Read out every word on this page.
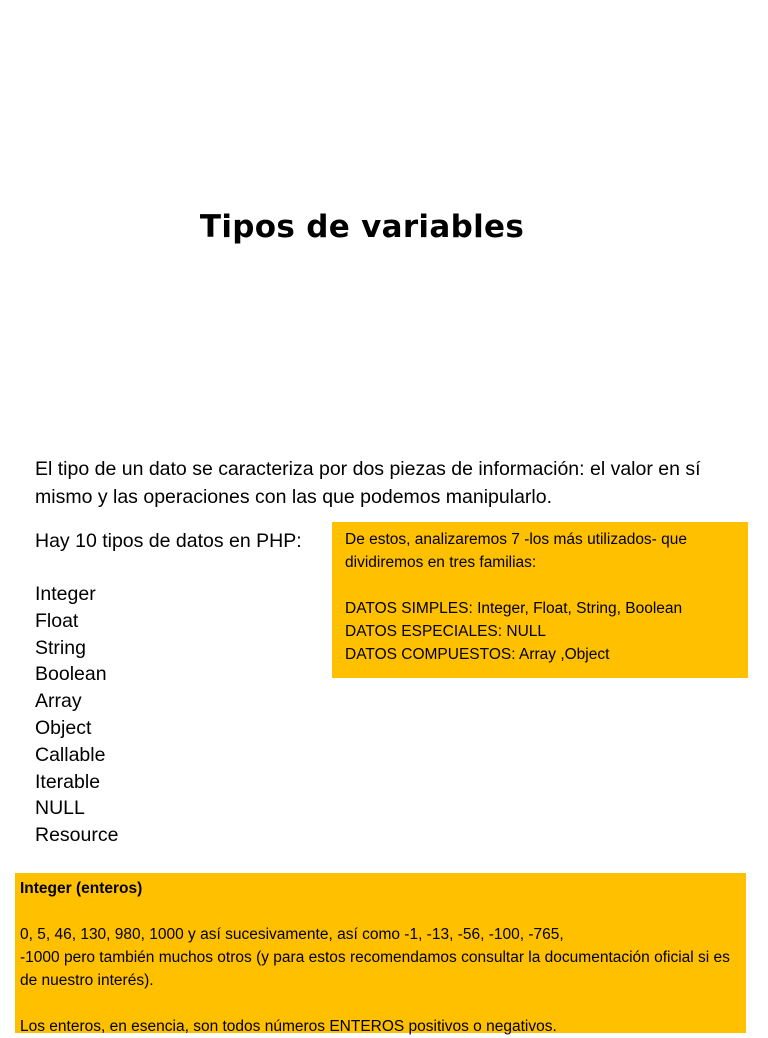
Tipos de variables

El tipo de un dato se caracteriza por dos piezas de información: el valor en sí mismo y las operaciones con las que podemos manipularlo.

Hay 10 tipos de datos en PHP:

Integer
Float
String
Boolean
Array
Object
Callable
Iterable
NULL
Resource

De estos, analizaremos 7 -los más utilizados- que dividiremos en tres familias:

DATOS SIMPLES: Integer, Float, String, Boolean

DATOS ESPECIALES: NULL

DATOS COMPUESTOS: Array ,Object

Integer (enteros)

0, 5, 46, 130, 980, 1000 y así sucesivamente, así como -1, -13, -56, -100, -765,

-1000 pero también muchos otros (y para estos recomendamos consultar la documentación oficial si es de nuestro interés).

Los enteros, en esencia, son todos números ENTEROS positivos o negativos.
